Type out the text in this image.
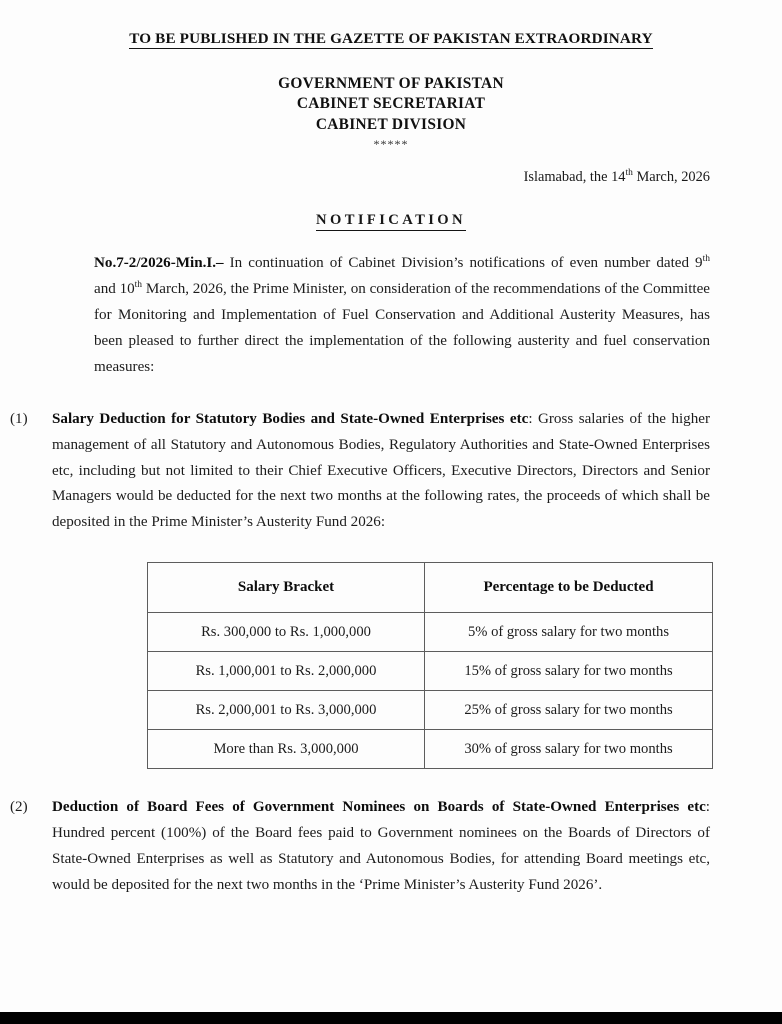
TO BE PUBLISHED IN THE GAZETTE OF PAKISTAN EXTRAORDINARY
GOVERNMENT OF PAKISTAN
CABINET SECRETARIAT
CABINET DIVISION
*****
Islamabad, the 14th March, 2026
NOTIFICATION

No.7-2/2026-Min.I.– In continuation of Cabinet Division’s notifications of even number dated 9th and 10th March, 2026, the Prime Minister, on consideration of the recommendations of the Committee for Monitoring and Implementation of Fuel Conservation and Additional Austerity Measures, has been pleased to further direct the implementation of the following austerity and fuel conservation measures:

(1)	Salary Deduction for Statutory Bodies and State-Owned Enterprises etc: Gross salaries of the higher management of all Statutory and Autonomous Bodies, Regulatory Authorities and State-Owned Enterprises etc, including but not limited to their Chief Executive Officers, Executive Directors, Directors and Senior Managers would be deducted for the next two months at the following rates, the proceeds of which shall be deposited in the Prime Minister’s Austerity Fund 2026:
Salary Bracket	Percentage to be Deducted
Rs. 300,000 to Rs. 1,000,000	5% of gross salary for two months
Rs. 1,000,001 to Rs. 2,000,000	15% of gross salary for two months
Rs. 2,000,001 to Rs. 3,000,000	25% of gross salary for two months
More than Rs. 3,000,000	30% of gross salary for two months
(2)	Deduction of Board Fees of Government Nominees on Boards of State-Owned Enterprises etc: Hundred percent (100%) of the Board fees paid to Government nominees on the Boards of Directors of State-Owned Enterprises as well as Statutory and Autonomous Bodies, for attending Board meetings etc, would be deposited for the next two months in the ‘Prime Minister’s Austerity Fund 2026’.
